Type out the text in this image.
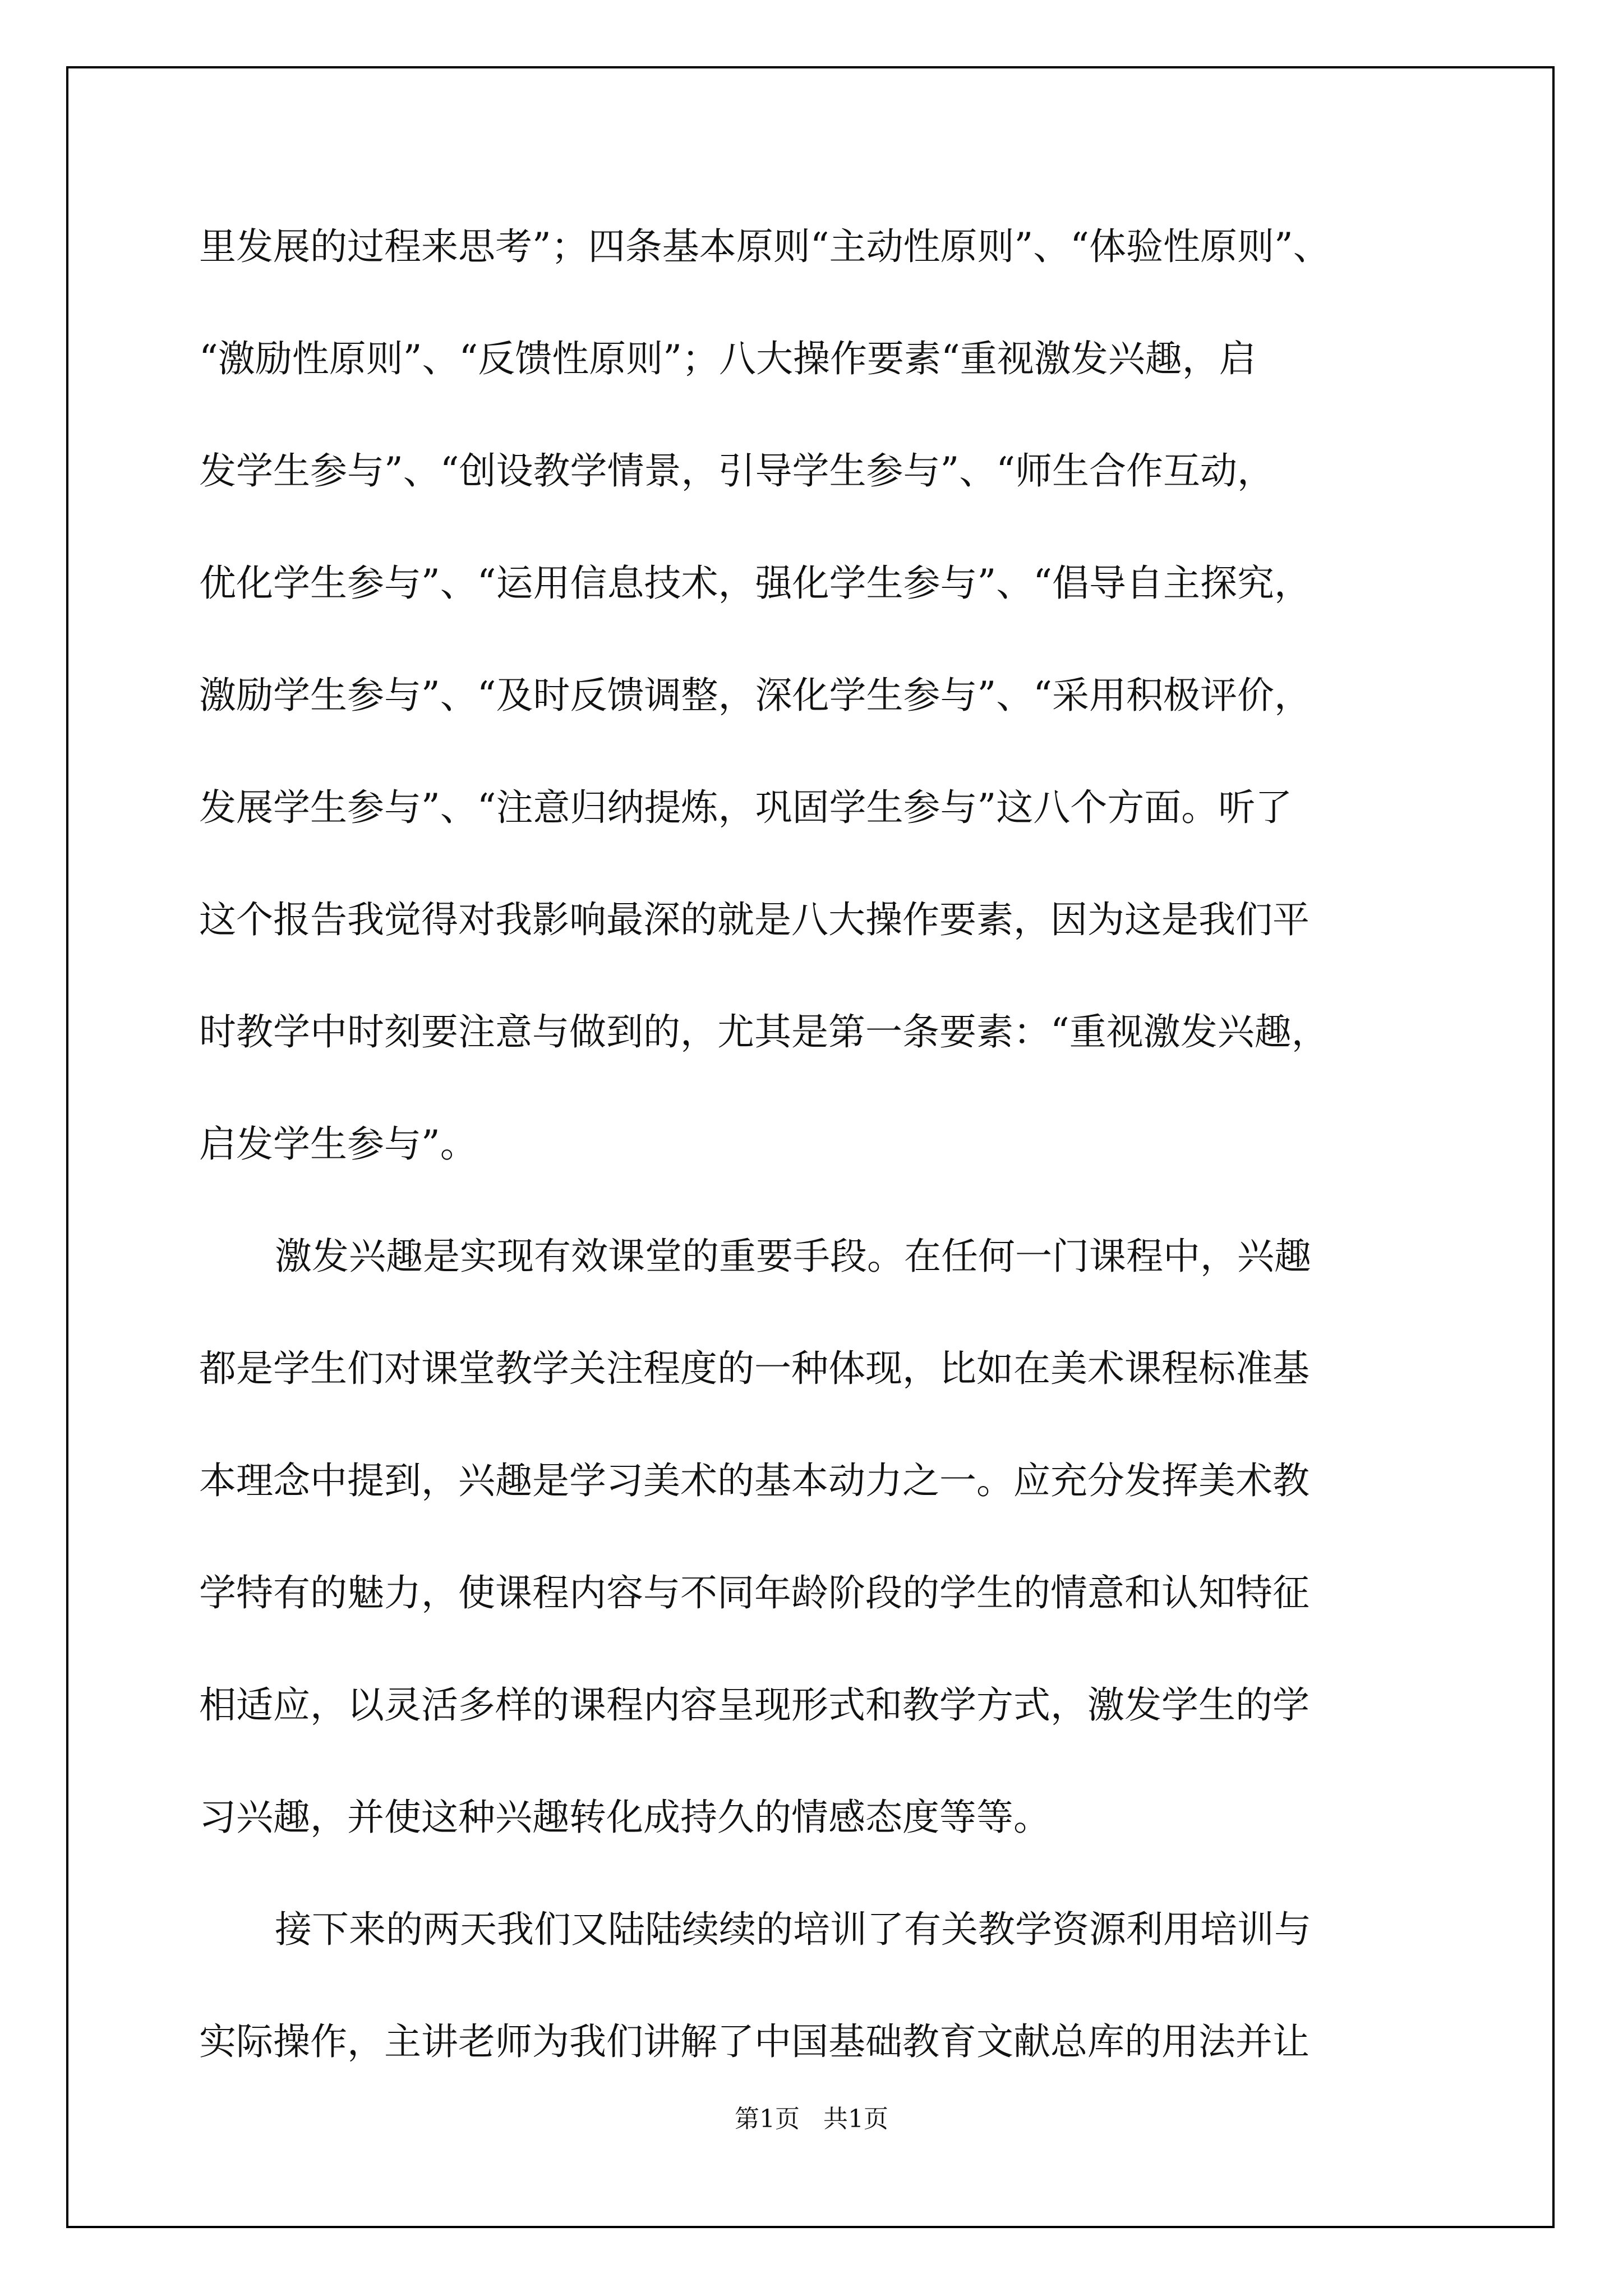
里发展的过程来思考”；四条基本原则“主动性原则”、“体验性原则”、
“激励性原则”、“反馈性原则”；八大操作要素“重视激发兴趣，启
发学生参与”、“创设教学情景，引导学生参与”、“师生合作互动，
优化学生参与”、“运用信息技术，强化学生参与”、“倡导自主探究，
激励学生参与”、“及时反馈调整，深化学生参与”、“采用积极评价，
发展学生参与”、“注意归纳提炼，巩固学生参与”这八个方面。听了
这个报告我觉得对我影响最深的就是八大操作要素，因为这是我们平
时教学中时刻要注意与做到的，尤其是第一条要素：“重视激发兴趣，
启发学生参与”。
激发兴趣是实现有效课堂的重要手段。在任何一门课程中，兴趣
都是学生们对课堂教学关注程度的一种体现，比如在美术课程标准基
本理念中提到，兴趣是学习美术的基本动力之一。应充分发挥美术教
学特有的魅力，使课程内容与不同年龄阶段的学生的情意和认知特征
相适应，以灵活多样的课程内容呈现形式和教学方式，激发学生的学
习兴趣，并使这种兴趣转化成持久的情感态度等等。
接下来的两天我们又陆陆续续的培训了有关教学资源利用培训与
实际操作，主讲老师为我们讲解了中国基础教育文献总库的用法并让
第1页   共1页
